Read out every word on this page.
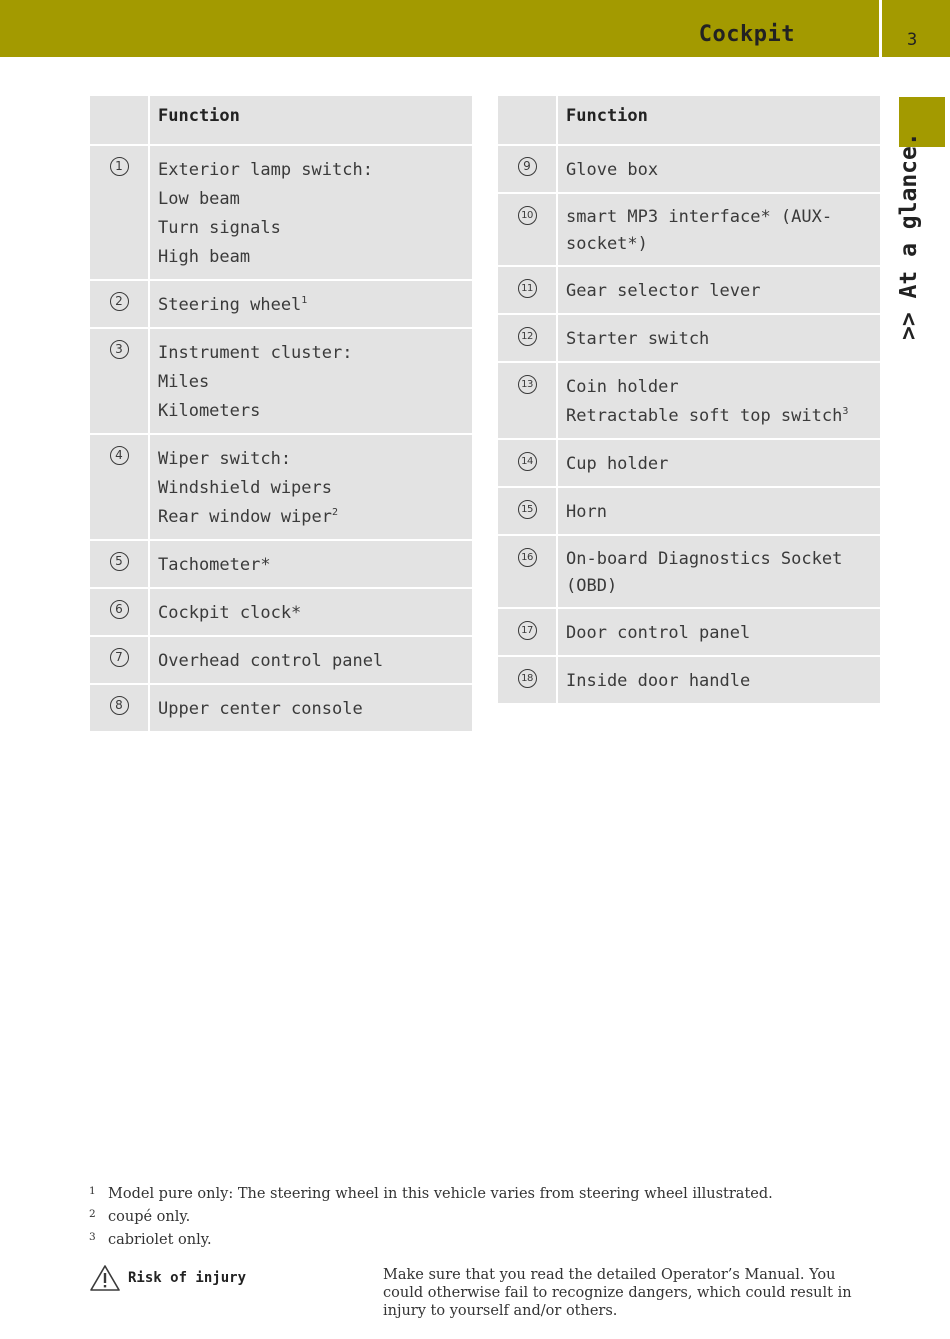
Cockpit	3
>> At a glance.
	Function
1	Exterior lamp switch:
Low beam
Turn signals
High beam

2	Steering wheel$^1$
3	Instrument cluster:
Miles
Kilometers

4	Wiper switch:
Windshield wipers
Rear window wiper$^2$
5	Tachometer*

6	Cockpit clock*

7	Overhead control panel

8	Upper center console
	Function
9	Glove box

10	smart MP3 interface* (AUX-
socket*)

11	Gear selector lever

12	Starter switch

13	Coin holder
Retractable soft top switch$^3$
14	Cup holder

15	Horn

16	On-board Diagnostics Socket
(OBD)

17	Door control panel

18	Inside door handle
1 Model pure only: The steering wheel in this vehicle varies from steering wheel illustrated.
2 coupé only.
3 cabriolet only.
Risk of injury	Make sure that you read the detailed Operator’s Manual. You could otherwise fail to recognize dangers, which could result in injury to yourself and/or others.
